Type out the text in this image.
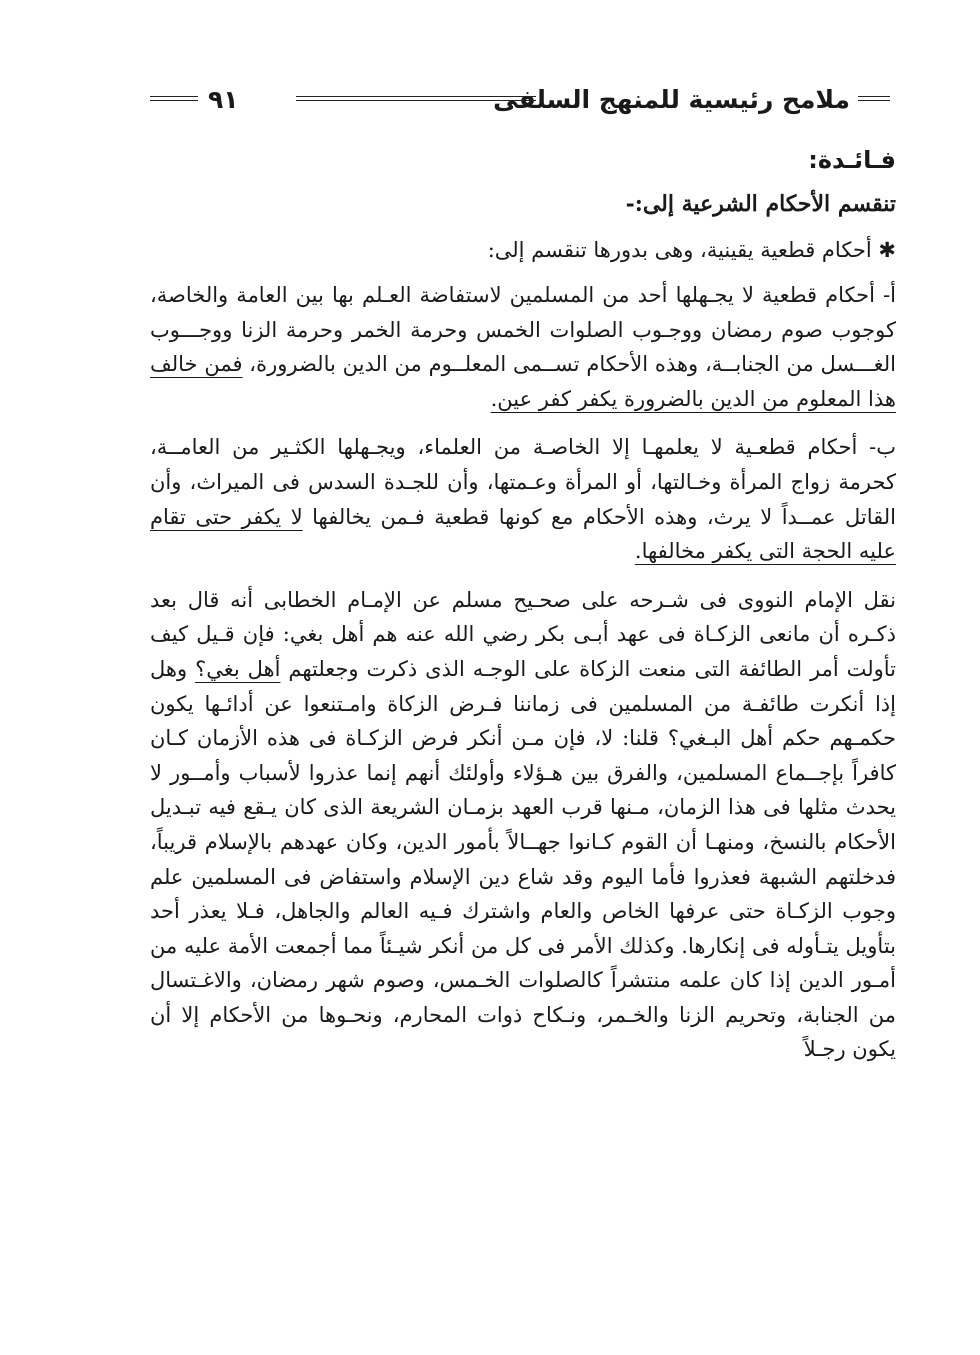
ملامح رئيسية للمنهج السلفى
٩١

فـائـدة:

تنقسم الأحكام الشرعية إلى:-

✱ أحكام قطعية يقينية، وهى بدورها تنقسم إلى:

أ- أحكام قطعية لا يجـهلها أحد من المسلمين لاستفاضة العـلم بها بين العامة والخاصة، كوجوب صوم رمضان ووجـوب الصلوات الخمس وحرمة الخمر وحرمة الزنا ووجـــوب الغـــسل من الجنابــة، وهذه الأحكام تســمى المعلــوم من الدين بالضرورة، فمن خالف هذا المعلوم من الدين بالضرورة يكفر كفر عين.

ب- أحكام قطعـية لا يعلمهـا إلا الخاصـة من العلماء، ويجـهلها الكثـير من العامــة، كحرمة زواج المرأة وخـالتها، أو المرأة وعـمتها، وأن للجـدة السدس فى الميراث، وأن القاتل عمــداً لا يرث، وهذه الأحكام مع كونها قطعية فـمن يخالفها لا يكفر حتى تقام عليه الحجة التى يكفر مخالفها.

نقل الإمام النووى فى شـرحه على صحـيح مسلم عن الإمـام الخطابى أنه قال بعد ذكـره أن مانعى الزكـاة فى عهد أبـى بكر رضي الله عنه هم أهل بغي: فإن قـيل كيف تأولت أمر الطائفة التى منعت الزكاة على الوجـه الذى ذكرت وجعلتهم أهل بغي؟ وهل إذا أنكرت طائفـة من المسلمين فى زماننا فـرض الزكاة وامـتنعوا عن أدائـها يكون حكمـهم حكم أهل البـغي؟ قلنا: لا، فإن مـن أنكر فرض الزكـاة فى هذه الأزمان كـان كافراً بإجــماع المسلمين، والفرق بين هـؤلاء وأولئك أنهم إنما عذروا لأسباب وأمــور لا يحدث مثلها فى هذا الزمان، مـنها قرب العهد بزمـان الشريعة الذى كان يـقع فيه تبـديل الأحكام بالنسخ، ومنهـا أن القوم كـانوا جهــالاً بأمور الدين، وكان عهدهم بالإسلام قريباً، فدخلتهم الشبهة فعذروا فأما اليوم وقد شاع دين الإسلام واستفاض فى المسلمين علم وجوب الزكـاة حتى عرفها الخاص والعام واشترك فـيه العالم والجاهل، فـلا يعذر أحد بتأويل يتـأوله فى إنكارها. وكذلك الأمر فى كل من أنكر شيـئاً مما أجمعت الأمة عليه من أمـور الدين إذا كان علمه منتشراً كالصلوات الخـمس، وصوم شهر رمضان، والاغـتسال من الجنابة، وتحريم الزنا والخـمر، ونـكاح ذوات المحارم، ونحـوها من الأحكام إلا أن يكون رجـلاً
